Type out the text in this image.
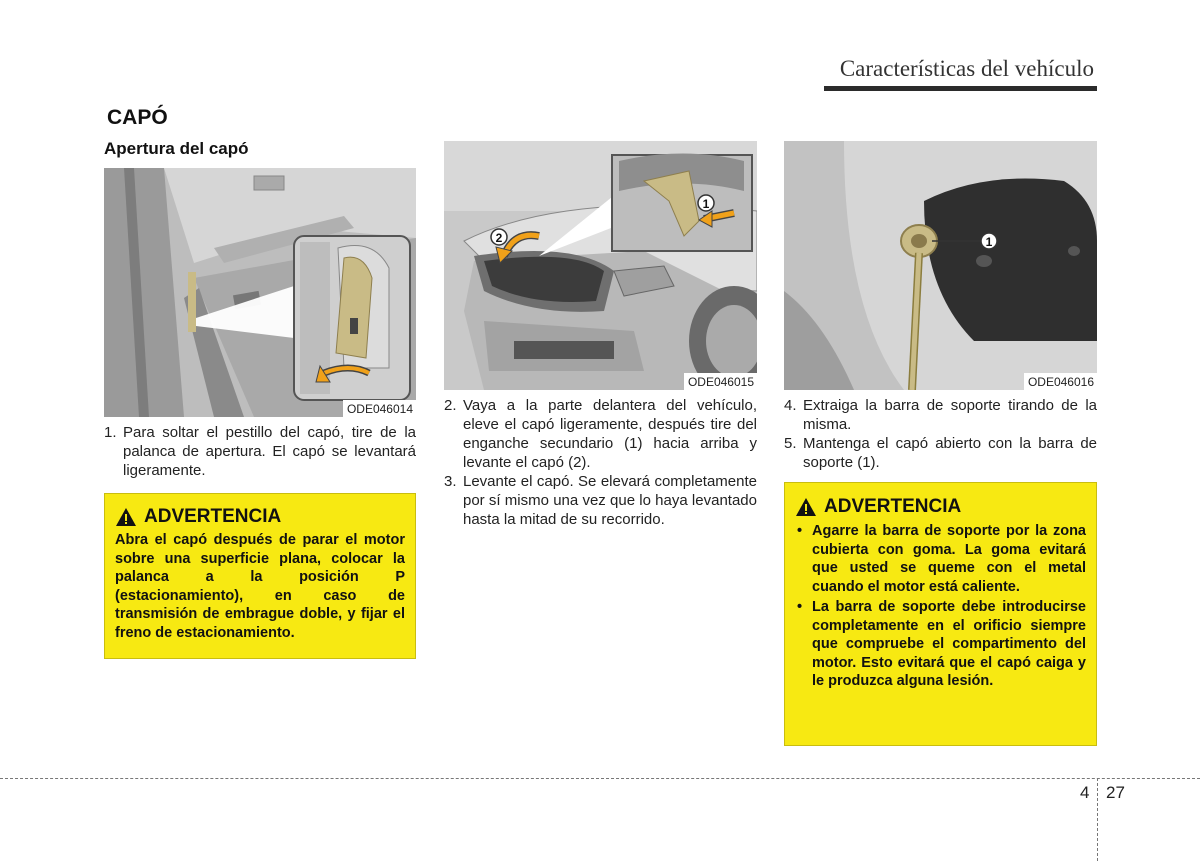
Características del vehículo
CAPÓ
Apertura del capó
ODE046014
2
1
ODE046015
1
ODE046016
1. Para soltar el pestillo del capó, tire de la palanca de apertura. El capó se levantará ligeramente.
ADVERTENCIA
Abra el capó después de parar el motor sobre una superficie plana, colocar la palanca a la posición P (estacionamiento), en caso de transmisión de embrague doble, y fijar el freno de estacionamiento.
2. Vaya a la parte delantera del vehículo, eleve el capó ligeramente, después tire del enganche secundario (1) hacia arriba y levante el capó (2).
3. Levante el capó. Se elevará completamente por sí mismo una vez que lo haya levantado hasta la mitad de su recorrido.
4. Extraiga la barra de soporte tirando de la misma.
5. Mantenga el capó abierto con la barra de soporte (1).
ADVERTENCIA
• Agarre la barra de soporte por la zona cubierta con goma. La goma evitará que usted se queme con el metal cuando el motor está caliente.
• La barra de soporte debe introducirse completamente en el orificio siempre que compruebe el compartimento del motor. Esto evitará que el capó caiga y le produzca alguna lesión.
4 27
